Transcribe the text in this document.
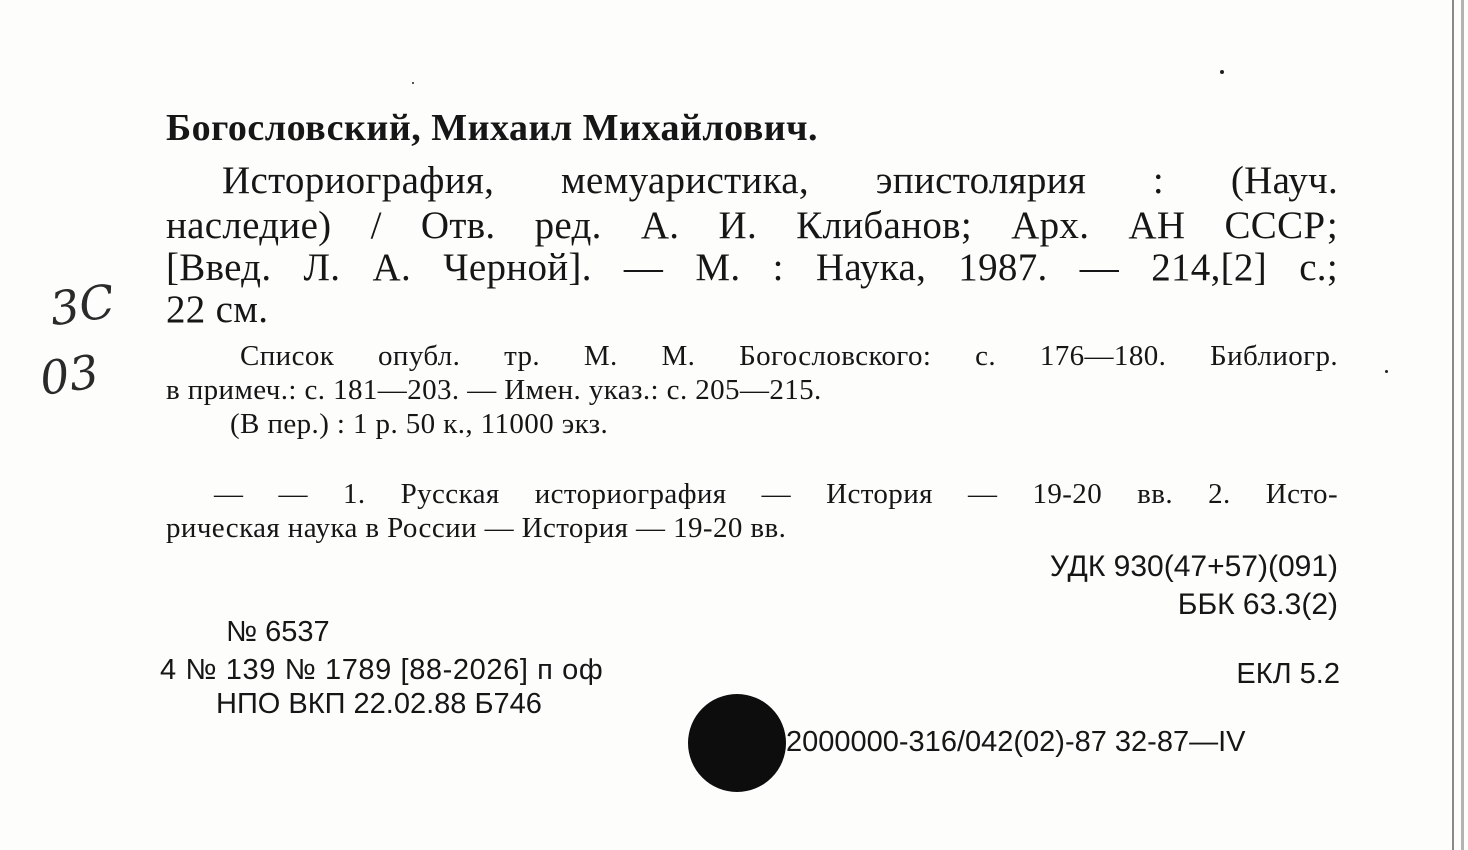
Богословский, Михаил Михайлович.

Историография, мемуаристика, эпистолярия : (Науч.

наследие) / Отв. ред. А. И. Клибанов; Арх. АН СССР;

[Введ. Л. А. Черной]. — М. : Наука, 1987. — 214,[2] с.;

22 см.

3С
03	Список опубл. тр. М. М. Богословского: с. 176—180. Библиогр.

в примеч.: с. 181—203. — Имен. указ.: с. 205—215.

(В пер.) : 1 р. 50 к., 11000 экз.

— — 1. Русская историография — История — 19-20 вв. 2. Исто-

рическая наука в России — История — 19-20 вв.

УДК 930(47+57)(091)

ББК 63.3(2)

№ 6537

4 № 139 № 1789 [88-2026] п оф	ЕКЛ 5.2

НПО ВКП 22.02.88 Б746

2000000-316/042(02)-87 32-87—IV
